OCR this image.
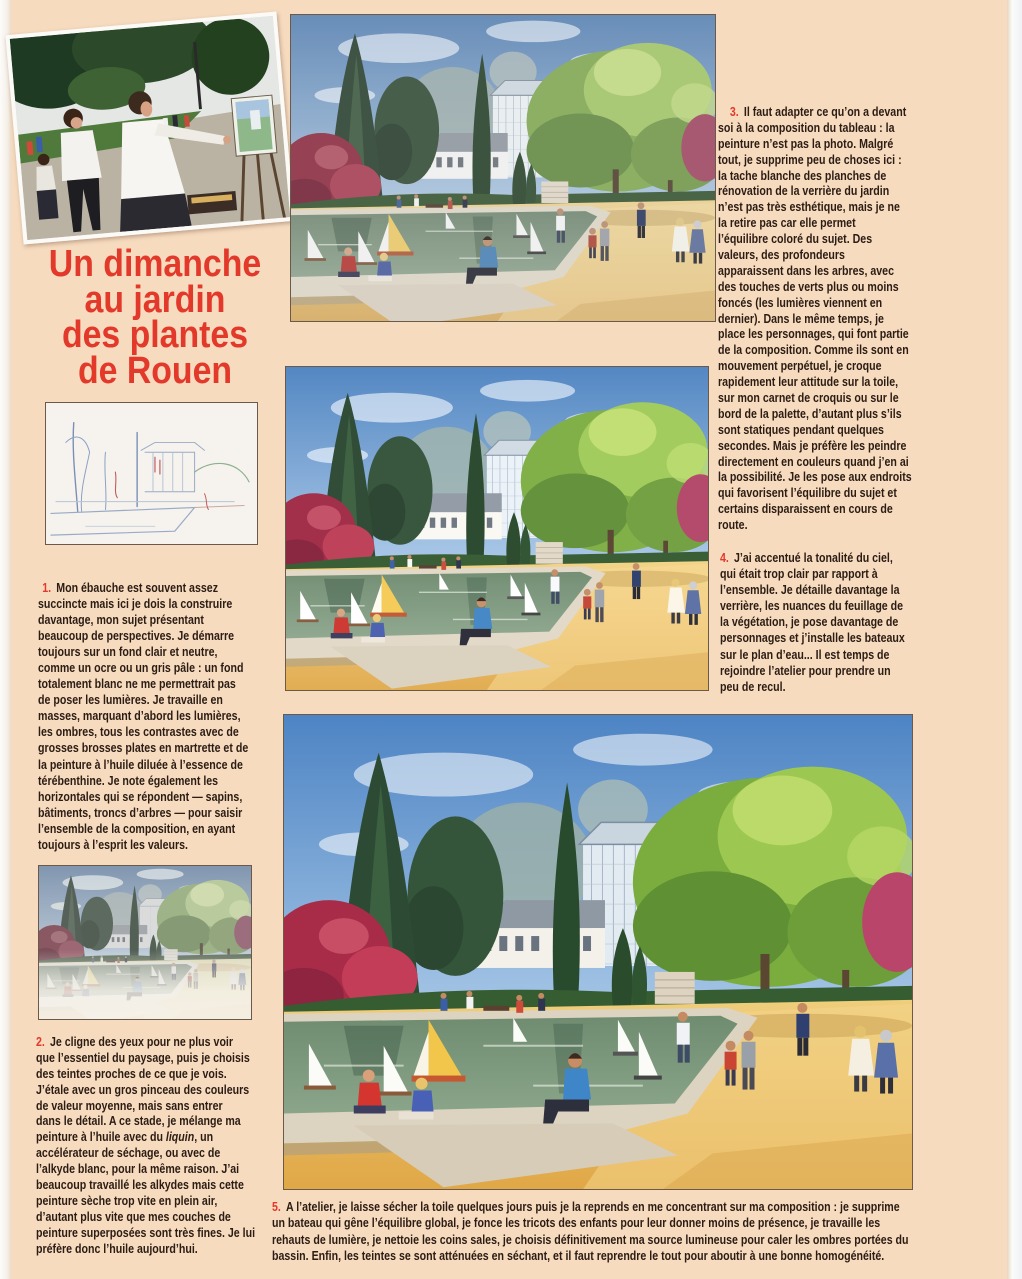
Un dimanche
au jardin
des plantes
de Rouen
3. Il faut adapter ce qu’on a devant
soi à la composition du tableau : la
peinture n’est pas la photo. Malgré
tout, je supprime peu de choses ici :
la tache blanche des planches de
rénovation de la verrière du jardin
n’est pas très esthétique, mais je ne
la retire pas car elle permet
l’équilibre coloré du sujet. Des
valeurs, des profondeurs
apparaissent dans les arbres, avec
des touches de verts plus ou moins
foncés (les lumières viennent en
dernier). Dans le même temps, je
place les personnages, qui font partie
de la composition. Comme ils sont en
mouvement perpétuel, je croque
rapidement leur attitude sur la toile,
sur mon carnet de croquis ou sur le
bord de la palette, d’autant plus s’ils
sont statiques pendant quelques
secondes. Mais je préfère les peindre
directement en couleurs quand j’en ai
la possibilité. Je les pose aux endroits
qui favorisent l’équilibre du sujet et
certains disparaissent en cours de
route.
4. J’ai accentué la tonalité du ciel,
qui était trop clair par rapport à
l’ensemble. Je détaille davantage la
verrière, les nuances du feuillage de
la végétation, je pose davantage de
personnages et j’installe les bateaux
sur le plan d’eau... Il est temps de
rejoindre l’atelier pour prendre un
peu de recul.
1. Mon ébauche est souvent assez
succincte mais ici je dois la construire
davantage, mon sujet présentant
beaucoup de perspectives. Je démarre
toujours sur un fond clair et neutre,
comme un ocre ou un gris pâle : un fond
totalement blanc ne me permettrait pas
de poser les lumières. Je travaille en
masses, marquant d’abord les lumières,
les ombres, tous les contrastes avec de
grosses brosses plates en martrette et de
la peinture à l’huile diluée à l’essence de
térébenthine. Je note également les
horizontales qui se répondent — sapins,
bâtiments, troncs d’arbres — pour saisir
l’ensemble de la composition, en ayant
toujours à l’esprit les valeurs.
2. Je cligne des yeux pour ne plus voir
que l’essentiel du paysage, puis je choisis
des teintes proches de ce que je vois.
J’étale avec un gros pinceau des couleurs
de valeur moyenne, mais sans entrer
dans le détail. A ce stade, je mélange ma
peinture à l’huile avec du liquin, un
accélérateur de séchage, ou avec de
l’alkyde blanc, pour la même raison. J’ai
beaucoup travaillé les alkydes mais cette
peinture sèche trop vite en plein air,
d’autant plus vite que mes couches de
peinture superposées sont très fines. Je lui
préfère donc l’huile aujourd’hui.
5. A l’atelier, je laisse sécher la toile quelques jours puis je la reprends en me concentrant sur ma composition : je supprime
un bateau qui gêne l’équilibre global, je fonce les tricots des enfants pour leur donner moins de présence, je travaille les
rehauts de lumière, je nettoie les coins sales, je choisis définitivement ma source lumineuse pour caler les ombres portées du
bassin. Enfin, les teintes se sont atténuées en séchant, et il faut reprendre le tout pour aboutir à une bonne homogénéité.
